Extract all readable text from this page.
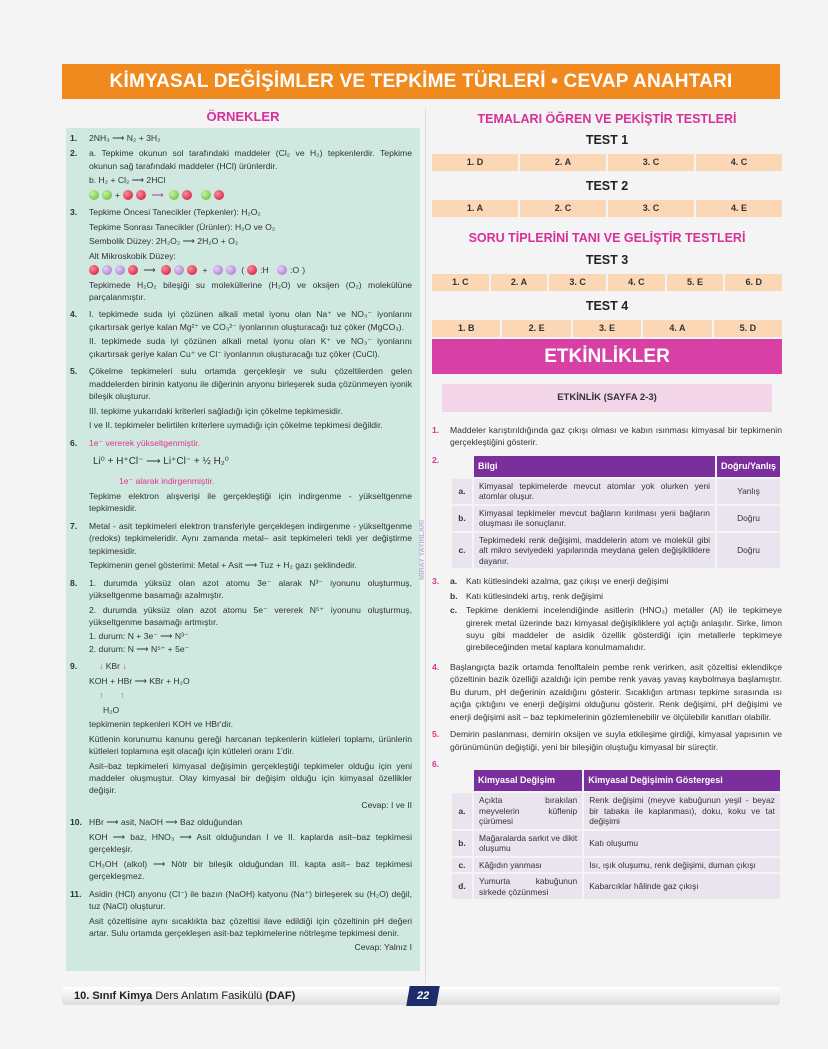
KİMYASAL DEĞİŞİMLER VE TEPKİME TÜRLERİ • CEVAP ANAHTARI
ÖRNEKLER
1.	2NH₃ ⟶ N₂ + 3H₂
2.	a. Tepkime okunun sol tarafındaki maddeler (Cl₂ ve H₂) tepkenlerdir. Tepkime okunun sağ tarafındaki maddeler (HCl) ürünlerdir.

b. H₂ + Cl₂ ⟶ 2HCl

+	⟶

3.	Tepkime Öncesi Tanecikler (Tepkenler): H₂O₂

Tepkime Sonrası Tanecikler (Ürünler): H₂O ve O₂

Sembolik Düzey: 2H₂O₂ ⟶ 2H₂O + O₂

Alt Mikroskobik Düzey:

⟶	+	( :H
:O )

Tepkimede H₂O₂ bileşiği su moleküllerine (H₂O) ve oksijen (O₂) molekülüne parçalanmıştır.

4.	I. tepkimede suda iyi çözünen alkali metal iyonu olan Na⁺ ve NO₃⁻ iyonlarını çıkartırsak geriye kalan Mg²⁺ ve CO₃²⁻ iyonlarının oluşturacağı tuz çöker (MgCO₃).

II. tepkimede suda iyi çözünen alkali metal iyonu olan K⁺ ve NO₃⁻ iyonlarını çıkartırsak geriye kalan Cu⁺ ve Cl⁻ iyonlarının oluşturacağı tuz çöker (CuCl).

5.	Çökelme tepkimeleri sulu ortamda gerçekleşir ve sulu çözeltilerden gelen maddelerden birinin katyonu ile diğerinin anyonu birleşerek suda çözünmeyen iyonik bileşik oluşturur.

III. tepkime yukarıdaki kriterleri sağladığı için çökelme tepkimesidir.

I ve II. tepkimeler belirtilen kriterlere uymadığı için çökelme tepkimesi değildir.

6.	1e⁻ vererek yükseltgenmiştir.

Li⁰ + H⁺Cl⁻ ⟶ Li⁺Cl⁻ + ½ H₂⁰

1e⁻ alarak indirgenmiştir.

Tepkime elektron alışverişi ile gerçekleştiği için indirgenme - yükseltgenme tepkimesidir.

7.	Metal - asit tepkimeleri elektron transferiyle gerçekleşen indirgenme - yükseltgenme (redoks) tepkimeleridir. Aynı zamanda metal– asit tepkimeleri tekli yer değiştirme tepkimesidir.

Tepkimenin genel gösterimi: Metal + Asit ⟶ Tuz + H₂ gazı şeklindedir.

8.	1. durumda yüksüz olan azot atomu 3e⁻ alarak N³⁻ iyonunu oluşturmuş, yükseltgenme basamağı azalmıştır.

2. durumda yüksüz olan azot atomu 5e⁻ vererek N⁵⁺ iyonunu oluşturmuş, yükseltgenme basamağı artmıştır.

1. durum: N + 3e⁻ ⟶ N³⁻

2. durum: N ⟶ N⁵⁺ + 5e⁻

9.	↓ KBr ↓

KOH + HBr ⟶ KBr + H₂O

↑ ↑

H₂O

tepkimenin tepkenleri KOH ve HBr'dir.

Kütlenin korunumu kanunu gereği harcanan tepkenlerin kütleleri toplamı, ürünlerin kütleleri toplamına eşit olacağı için kütleleri oranı 1'dir.

Asit–baz tepkimeleri kimyasal değişimin gerçekleştiği tepkimeler olduğu için yeni maddeler oluşmuştur. Olay kimyasal bir değişim olduğu için kimyasal özellikler değişir.

Cevap: I ve II

10. HBr ⟶ asit, NaOH ⟶ Baz olduğundan

KOH ⟶ baz, HNO₃ ⟶ Asit olduğundan I ve II. kaplarda asit–baz tepkimesi gerçekleşir.

CH₃OH (alkol) ⟶ Nötr bir bileşik olduğundan III. kapta asit– baz tepkimesi gerçekleşmez.

11. Asidin (HCl) anyonu (Cl⁻) ile bazın (NaOH) katyonu (Na⁺) birleşerek su (H₂O) değil, tuz (NaCl) oluşturur.

Asit çözeltisine aynı sıcaklıkta baz çözeltisi ilave edildiği için çözeltinin pH değeri artar. Sulu ortamda gerçekleşen asit-baz tepkimelerine nötrleşme tepkimesi denir.

Cevap: Yalnız I

MİRAY YAYINLARI
TEMALARI ÖĞREN VE PEKİŞTİR TESTLERİ
TEST 1
1. D	2. A	3. C	4. C
TEST 2
1. A	2. C	3. C	4. E
SORU TİPLERİNİ TANI VE GELİŞTİR TESTLERİ
TEST 3
1. C	2. A	3. C	4. C	5. E	6. D
TEST 4
1. B	2. E	3. E	4. A	5. D
ETKİNLİKLER
ETKİNLİK (SAYFA 2-3)
1.	Maddeler karıştırıldığında gaz çıkışı olması ve kabın ısınması kimyasal bir tepkimenin gerçekleştiğini gösterir.
2.
	Bilgi	Doğru/Yanlış
a.	Kimyasal tepkimelerde mevcut atomlar yok olurken yeni atomlar oluşur.	Yanlış
b.	Kimyasal tepkimeler mevcut bağların kırılması yeni bağların oluşması ile sonuçlanır.	Doğru
c.	Tepkimedeki renk değişimi, maddelerin atom ve molekül gibi alt mikro seviyedeki yapılarında meydana gelen değişikliklere dayanır.	Doğru
3.	a.	Katı kütlesindeki azalma, gaz çıkışı ve enerji değişimi
b. Katı kütlesindeki artış, renk değişimi
c.	Tepkime denklemi incelendiğinde asitlerin (HNO₃) metaller (Al) ile tepkimeye girerek metal üzerinde bazı kimyasal değişikliklere yol açtığı anlaşılır. Sirke, limon suyu gibi maddeler de asidik özellik gösterdiği için metallerle tepkimeye girebileceğinden metal kaplara konulmamalıdır.
4.	Başlangıçta bazik ortamda fenolftalein pembe renk verirken, asit çözeltisi eklendikçe çözeltinin bazik özelliği azaldığı için pembe renk yavaş yavaş kaybolmaya başlamıştır. Bu durum, pH değerinin azaldığını gösterir. Sıcaklığın artması tepkime sırasında ısı açığa çıktığını ve enerji değişimi olduğunu gösterir. Renk değişimi, pH değişimi ve enerji değişimi asit – baz tepkimelerinin gözlemlenebilir ve ölçülebilir kanıtları olabilir.
5.	Demirin paslanması, demirin oksijen ve suyla etkileşime girdiği, kimyasal yapısının ve görünümünün değiştiği, yeni bir bileşiğin oluştuğu kimyasal bir süreçtir.
6.
	Kimyasal Değişim	Kimyasal Değişimin Göstergesi
a.	Açıkta bırakılan meyvelerin küflenip çürümesi	Renk değişimi (meyve kabuğunun yeşil - beyaz bir tabaka ile kaplanması), doku, koku ve tat değişimi
b.	Mağaralarda sarkıt ve dikit oluşumu	Katı oluşumu
c.	Kâğıdın yanması	Isı, ışık oluşumu, renk değişimi, duman çıkışı
d.	Yumurta kabuğunun sirkede çözünmesi	Kabarcıklar hâlinde gaz çıkışı
10. Sınıf Kimya Ders Anlatım Fasikülü (DAF)	22
